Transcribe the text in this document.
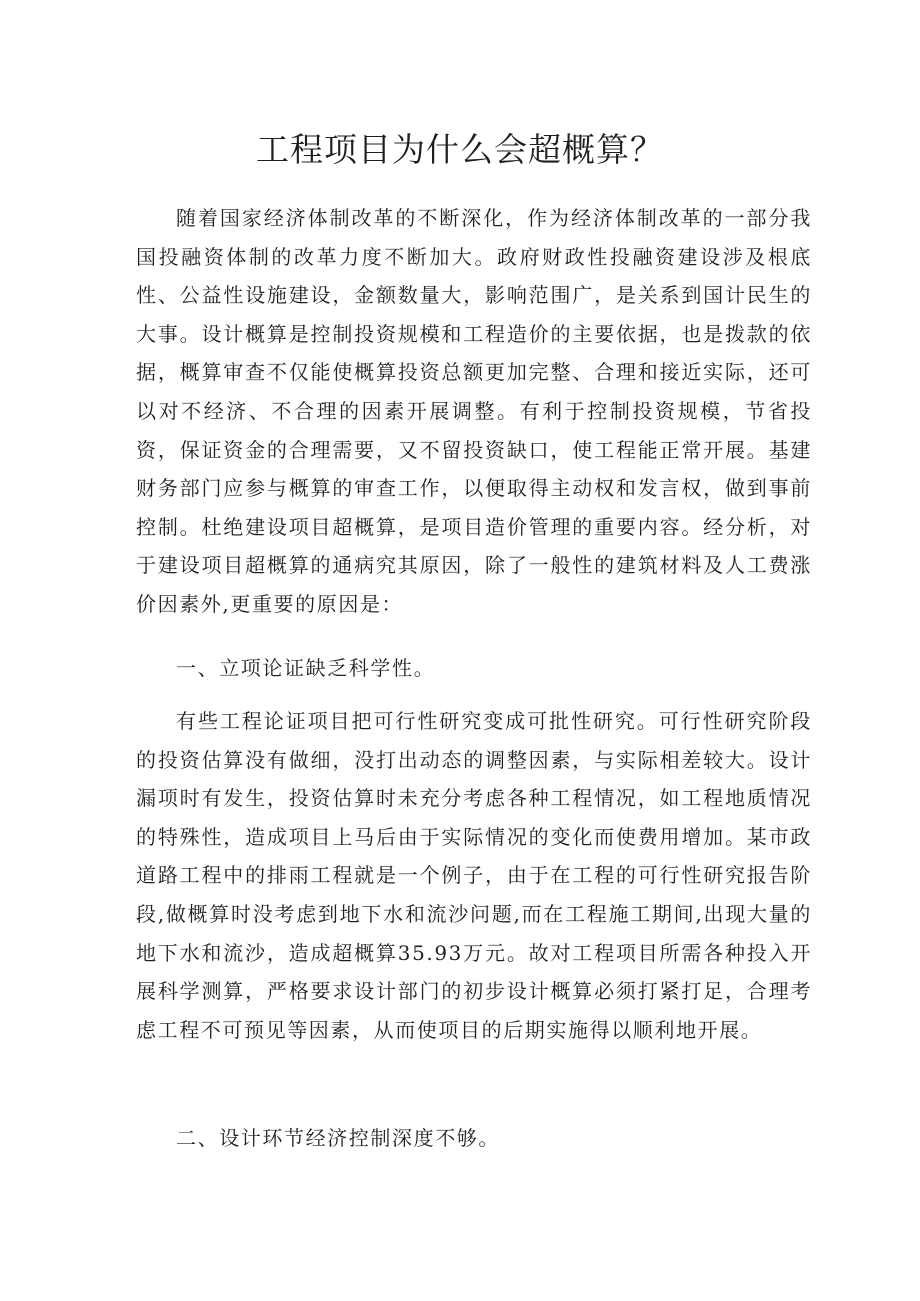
工程项目为什么会超概算？

随着国家经济体制改革的不断深化，作为经济体制改革的一部分我国投融资体制的改革力度不断加大。政府财政性投融资建设涉及根底性、公益性设施建设，金额数量大，影响范围广，是关系到国计民生的大事。设计概算是控制投资规模和工程造价的主要依据，也是拨款的依据，概算审查不仅能使概算投资总额更加完整、合理和接近实际，还可以对不经济、不合理的因素开展调整。有利于控制投资规模，节省投资，保证资金的合理需要，又不留投资缺口，使工程能正常开展。基建财务部门应参与概算的审查工作，以便取得主动权和发言权，做到事前控制。杜绝建设项目超概算，是项目造价管理的重要内容。经分析，对于建设项目超概算的通病究其原因，除了一般性的建筑材料及人工费涨价因素外,更重要的原因是：

一、立项论证缺乏科学性。

有些工程论证项目把可行性研究变成可批性研究。可行性研究阶段的投资估算没有做细，没打出动态的调整因素，与实际相差较大。设计漏项时有发生，投资估算时未充分考虑各种工程情况，如工程地质情况的特殊性，造成项目上马后由于实际情况的变化而使费用增加。某市政道路工程中的排雨工程就是一个例子，由于在工程的可行性研究报告阶段,做概算时没考虑到地下水和流沙问题,而在工程施工期间,出现大量的地下水和流沙，造成超概算35.93万元。故对工程项目所需各种投入开展科学测算，严格要求设计部门的初步设计概算必须打紧打足，合理考虑工程不可预见等因素，从而使项目的后期实施得以顺利地开展。

二、设计环节经济控制深度不够。
